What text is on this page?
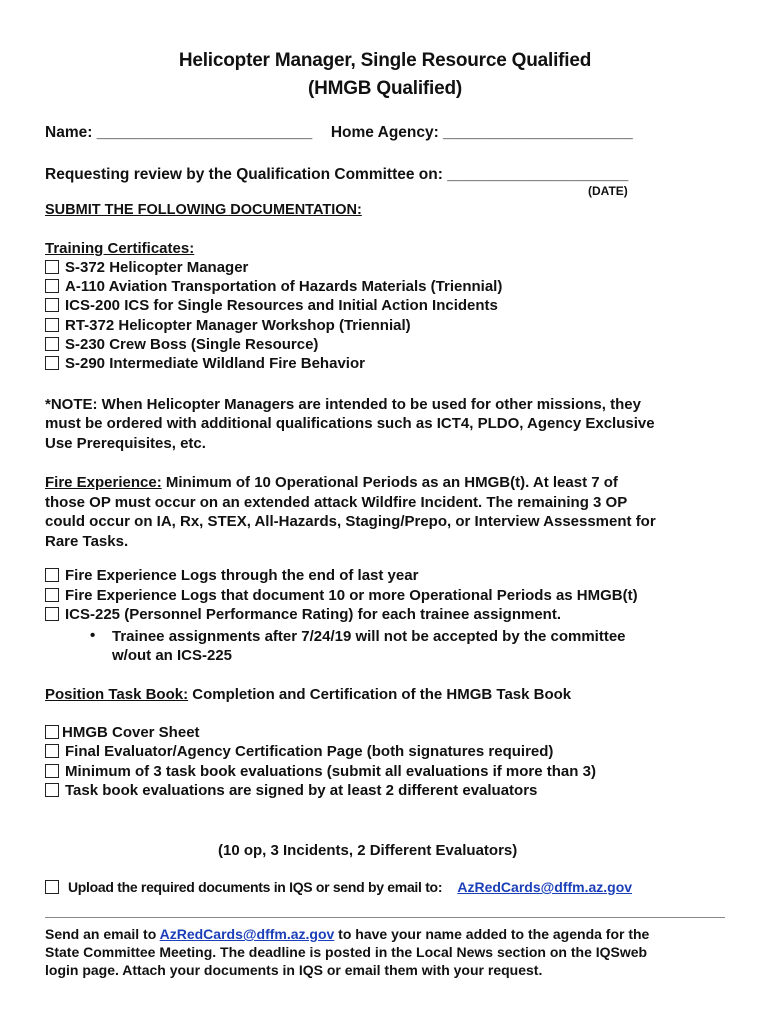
Helicopter Manager, Single Resource Qualified
(HMGB Qualified)
Name: _________________________ Home Agency: ______________________
Requesting review by the Qualification Committee on: _____________________
(DATE)
SUBMIT THE FOLLOWING DOCUMENTATION:
Training Certificates:
S-372 Helicopter Manager
A-110 Aviation Transportation of Hazards Materials (Triennial)
ICS-200 ICS for Single Resources and Initial Action Incidents
RT-372 Helicopter Manager Workshop (Triennial)
S-230 Crew Boss (Single Resource)
S-290 Intermediate Wildland Fire Behavior
*NOTE: When Helicopter Managers are intended to be used for other missions, they
must be ordered with additional qualifications such as ICT4, PLDO, Agency Exclusive
Use Prerequisites, etc.
Fire Experience: Minimum of 10 Operational Periods as an HMGB(t). At least 7 of
those OP must occur on an extended attack Wildfire Incident. The remaining 3 OP
could occur on IA, Rx, STEX, All-Hazards, Staging/Prepo, or Interview Assessment for
Rare Tasks.
Fire Experience Logs through the end of last year
Fire Experience Logs that document 10 or more Operational Periods as HMGB(t)
ICS-225 (Personnel Performance Rating) for each trainee assignment.
• Trainee assignments after 7/24/19 will not be accepted by the committee
w/out an ICS-225
Position Task Book: Completion and Certification of the HMGB Task Book
HMGB Cover Sheet
Final Evaluator/Agency Certification Page (both signatures required)
Minimum of 3 task book evaluations (submit all evaluations if more than 3)
Task book evaluations are signed by at least 2 different evaluators
(10 op, 3 Incidents, 2 Different Evaluators)
Upload the required documents in IQS or send by email to: AzRedCards@dffm.az.gov
Send an email to AzRedCards@dffm.az.gov to have your name added to the agenda for the
State Committee Meeting. The deadline is posted in the Local News section on the IQSweb
login page. Attach your documents in IQS or email them with your request.
